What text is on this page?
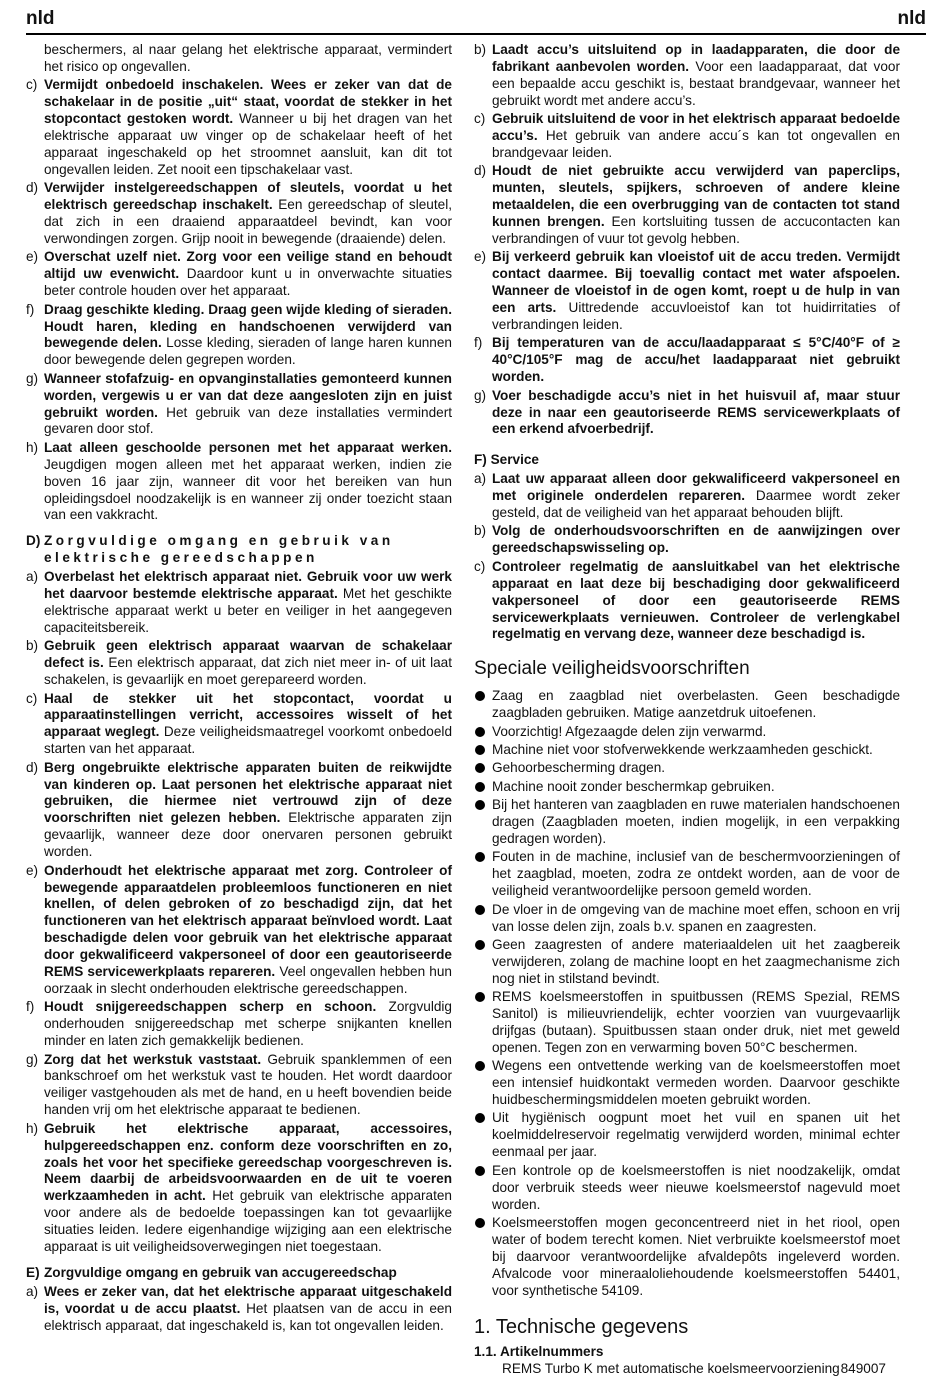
nld	nld
beschermers, al naar gelang het elektrische apparaat, vermindert het risico op ongevallen.
c) Vermijdt onbedoeld inschakelen. Wees er zeker van dat de schakelaar in de positie „uit“ staat, voordat de stekker in het stopcontact gestoken wordt. Wanneer u bij het dragen van het elektrische apparaat uw vinger op de schakelaar heeft of het apparaat ingeschakeld op het stroomnet aansluit, kan dit tot ongevallen leiden. Zet nooit een tipschakelaar vast.
d) Verwijder instelgereedschappen of sleutels, voordat u het elektrisch gereedschap inschakelt. Een gereedschap of sleutel, dat zich in een draaiend apparaatdeel bevindt, kan voor verwondingen zorgen. Grijp nooit in bewegende (draaiende) delen.
e) Overschat uzelf niet. Zorg voor een veilige stand en behoudt altijd uw evenwicht. Daardoor kunt u in onverwachte situaties beter controle houden over het apparaat.
f) Draag geschikte kleding. Draag geen wijde kleding of sieraden. Houdt haren, kleding en handschoenen verwijderd van bewegende delen. Losse kleding, sieraden of lange haren kunnen door bewegende delen gegrepen worden.
g) Wanneer stofafzuig- en opvanginstallaties gemonteerd kunnen worden, vergewis u er van dat deze aangesloten zijn en juist gebruikt worden. Het gebruik van deze installaties vermindert gevaren door stof.
h) Laat alleen geschoolde personen met het apparaat werken. Jeugdigen mogen alleen met het apparaat werken, indien zie boven 16 jaar zijn, wanneer dit voor het bereiken van hun opleidingsdoel noodzakelijk is en wanneer zij onder toezicht staan van een vakkracht.
D) Zorgvuldige omgang en gebruik van elektrische gereedschappen
a) Overbelast het elektrisch apparaat niet. Gebruik voor uw werk het daarvoor bestemde elektrische apparaat. Met het geschikte elektrische apparaat werkt u beter en veiliger in het aangegeven capaciteitsbereik.
b) Gebruik geen elektrisch apparaat waarvan de schakelaar defect is. Een elektrisch apparaat, dat zich niet meer in- of uit laat schakelen, is gevaarlijk en moet gerepareerd worden.
c) Haal de stekker uit het stopcontact, voordat u apparaatinstellingen verricht, accessoires wisselt of het apparaat weglegt. Deze veiligheidsmaatregel voorkomt onbedoeld starten van het apparaat.
d) Berg ongebruikte elektrische apparaten buiten de reikwijdte van kinderen op. Laat personen het elektrische apparaat niet gebruiken, die hiermee niet vertrouwd zijn of deze voorschriften niet gelezen hebben. Elektrische apparaten zijn gevaarlijk, wanneer deze door onervaren personen gebruikt worden.
e) Onderhoudt het elektrische apparaat met zorg. Controleer of bewegende apparaatdelen probleemloos functioneren en niet knellen, of delen gebroken of zo beschadigd zijn, dat het functioneren van het elektrisch apparaat beïnvloed wordt. Laat beschadigde delen voor gebruik van het elektrische apparaat door gekwalificeerd vakpersoneel of door een geautoriseerde REMS servicewerkplaats repareren. Veel ongevallen hebben hun oorzaak in slecht onderhouden elektrische gereedschappen.
f) Houdt snijgereedschappen scherp en schoon. Zorgvuldig onderhouden snijgereedschap met scherpe snijkanten knellen minder en laten zich gemakkelijk bedienen.
g) Zorg dat het werkstuk vaststaat. Gebruik spanklemmen of een bankschroef om het werkstuk vast te houden. Het wordt daardoor veiliger vastgehouden als met de hand, en u heeft bovendien beide handen vrij om het elektrische apparaat te bedienen.
h) Gebruik het elektrische apparaat, accessoires, hulpgereedschappen enz. conform deze voorschriften en zo, zoals het voor het specifieke gereedschap voorgeschreven is. Neem daarbij de arbeidsvoorwaarden en de uit te voeren werkzaamheden in acht. Het gebruik van elektrische apparaten voor andere als de bedoelde toepassingen kan tot gevaarlijke situaties leiden. Iedere eigenhandige wijziging aan een elektrische apparaat is uit veiligheidsoverwegingen niet toegestaan.
E) Zorgvuldige omgang en gebruik van accugereedschap
a) Wees er zeker van, dat het elektrische apparaat uitgeschakeld is, voordat u de accu plaatst. Het plaatsen van de accu in een elektrisch apparaat, dat ingeschakeld is, kan tot ongevallen leiden.
b) Laadt accu’s uitsluitend op in laadapparaten, die door de fabrikant aanbevolen worden. Voor een laadapparaat, dat voor een bepaalde accu geschikt is, bestaat brandgevaar, wanneer het gebruikt wordt met andere accu’s.
c) Gebruik uitsluitend de voor in het elektrisch apparaat bedoelde accu’s. Het gebruik van andere accu´s kan tot ongevallen en brandgevaar leiden.
d) Houdt de niet gebruikte accu verwijderd van paperclips, munten, sleutels, spijkers, schroeven of andere kleine metaaldelen, die een overbrugging van de contacten tot stand kunnen brengen. Een kortsluiting tussen de accucontacten kan verbrandingen of vuur tot gevolg hebben.
e) Bij verkeerd gebruik kan vloeistof uit de accu treden. Vermijdt contact daarmee. Bij toevallig contact met water afspoelen. Wanneer de vloeistof in de ogen komt, roept u de hulp in van een arts. Uittredende accuvloeistof kan tot huidirritaties of verbrandingen leiden.
f) Bij temperaturen van de accu/laadapparaat ≤ 5°C/40°F of ≥ 40°C/105°F mag de accu/het laadapparaat niet gebruikt worden.
g) Voer beschadigde accu’s niet in het huisvuil af, maar stuur deze in naar een geautoriseerde REMS servicewerkplaats of een erkend afvoerbedrijf.
F) Service
a) Laat uw apparaat alleen door gekwalificeerd vakpersoneel en met originele onderdelen repareren. Daarmee wordt zeker gesteld, dat de veiligheid van het apparaat behouden blijft.
b) Volg de onderhoudsvoorschriften en de aanwijzingen over gereedschapswisseling op.
c) Controleer regelmatig de aansluitkabel van het elektrische apparaat en laat deze bij beschadiging door gekwalificeerd vakpersoneel of door een geautoriseerde REMS servicewerkplaats vernieuwen. Controleer de verlengkabel regelmatig en vervang deze, wanneer deze beschadigd is.
Speciale veiligheidsvoorschriften
Zaag en zaagblad niet overbelasten. Geen beschadigde zaagbladen gebruiken. Matige aanzetdruk uitoefenen.
Voorzichtig! Afgezaagde delen zijn verwarmd.
Machine niet voor stofverwekkende werkzaamheden geschickt.
Gehoorbescherming dragen.
Machine nooit zonder beschermkap gebruiken.
Bij het hanteren van zaagbladen en ruwe materialen handschoenen dragen (Zaagbladen moeten, indien mogelijk, in een verpakking gedragen worden).
Fouten in de machine, inclusief van de beschermvoorzieningen of het zaagblad, moeten, zodra ze ontdekt worden, aan de voor de veiligheid verantwoordelijke persoon gemeld worden.
De vloer in de omgeving van de machine moet effen, schoon en vrij van losse delen zijn, zoals b.v. spanen en zaagresten.
Geen zaagresten of andere materiaaldelen uit het zaagbereik verwijderen, zolang de machine loopt en het zaagmechanisme zich nog niet in stilstand bevindt.
REMS koelsmeerstoffen in spuitbussen (REMS Spezial, REMS Sanitol) is milieuvriendelijk, echter voorzien van vuurgevaarlijk drijfgas (butaan). Spuitbussen staan onder druk, niet met geweld openen. Tegen zon en verwarming boven 50°C beschermen.
Wegens een ontvettende werking van de koelsmeerstoffen moet een intensief huidkontakt vermeden worden. Daarvoor geschikte huidbeschermingsmiddelen moeten gebruikt worden.
Uit hygiënisch oogpunt moet het vuil en spanen uit het koelmiddelreservoir regelmatig verwijderd worden, minimal echter eenmaal per jaar.
Een kontrole op de koelsmeerstoffen is niet noodzakelijk, omdat door verbruik steeds weer nieuwe koelsmeerstof nagevuld moet worden.
Koelsmeerstoffen mogen geconcentreerd niet in het riool, open water of bodem terecht komen. Niet verbruikte koelsmeerstof moet bij daarvoor verantwoordelijke afvaldepôts ingeleverd worden. Afvalcode voor mineraaloliehoudende koelsmeerstoffen 54401, voor synthetische 54109.
1. Technische gegevens
1.1. Artikelnummers
REMS Turbo K met automatische koelsmeervoorziening 849007
